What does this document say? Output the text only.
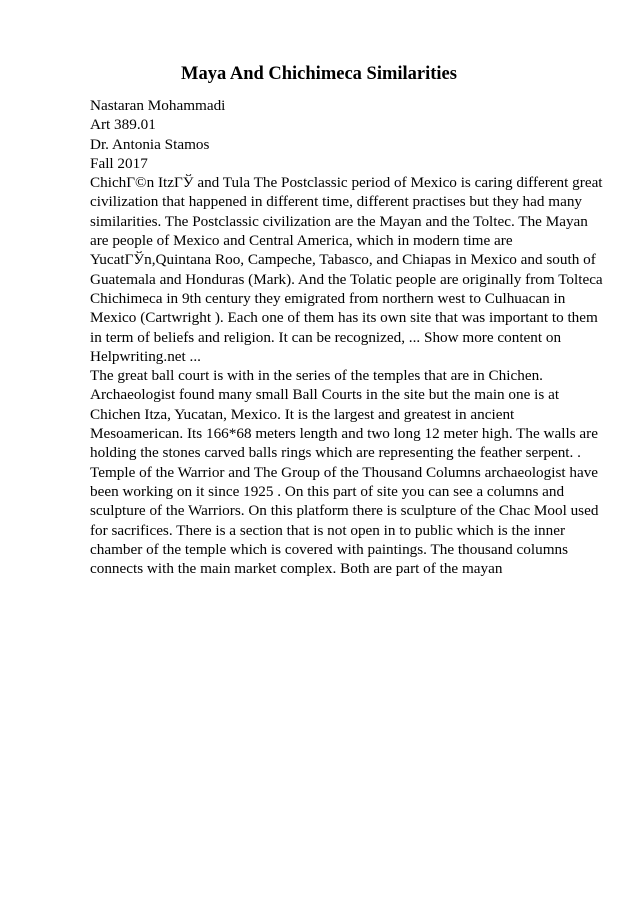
Maya And Chichimeca Similarities
Nastaran Mohammadi
Art 389.01
Dr. Antonia Stamos
Fall 2017
ChichГ©n ItzГЎ and Tula The Postclassic period of Mexico is caring different great
civilization that happened in different time, different practises but they had many
similarities. The Postclassic civilization are the Mayan and the Toltec. The Mayan
are people of Mexico and Central America, which in modern time are
YucatГЎn,Quintana Roo, Campeche, Tabasco, and Chiapas in Mexico and south of
Guatemala and Honduras (Mark). And the Tolatic people are originally from Tolteca
Chichimeca in 9th century they emigrated from northern west to Culhuacan in
Mexico (Cartwright ). Each one of them has its own site that was important to them
in term of beliefs and religion. It can be recognized, ... Show more content on
Helpwriting.net ...
The great ball court is with in the series of the temples that are in Chichen.
Archaeologist found many small Ball Courts in the site but the main one is at
Chichen Itza, Yucatan, Mexico. It is the largest and greatest in ancient
Mesoamerican. Its 166*68 meters length and two long 12 meter high. The walls are
holding the stones carved balls rings which are representing the feather serpent. .
Temple of the Warrior and The Group of the Thousand Columns archaeologist have
been working on it since 1925 . On this part of site you can see a columns and
sculpture of the Warriors. On this platform there is sculpture of the Chac Mool used
for sacrifices. There is a section that is not open in to public which is the inner
chamber of the temple which is covered with paintings. The thousand columns
connects with the main market complex. Both are part of the mayan
